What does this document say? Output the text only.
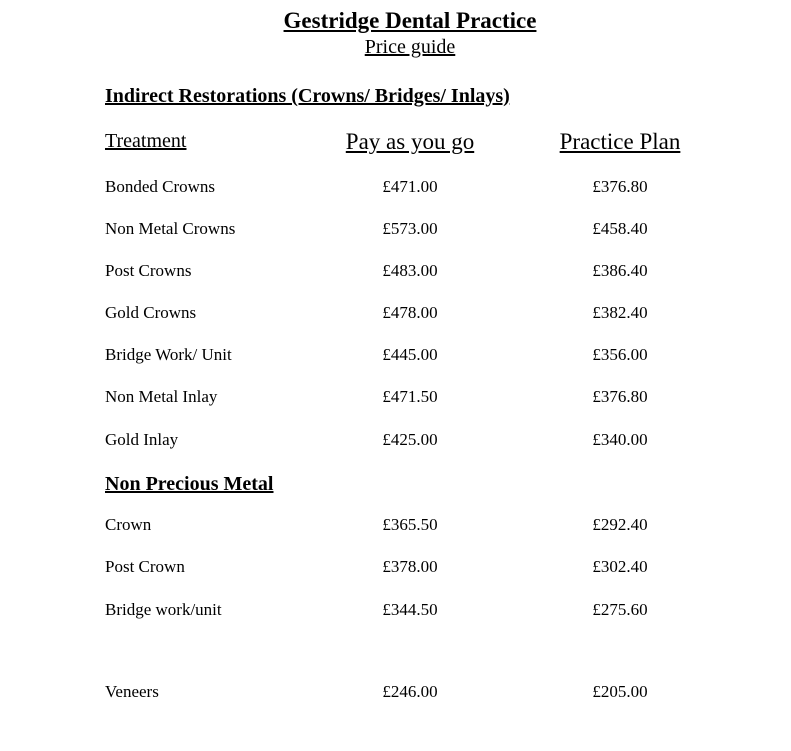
Gestridge Dental Practice
Price guide
Indirect Restorations (Crowns/ Bridges/ Inlays)
Treatment	Pay as you go	Practice Plan
Bonded Crowns	£471.00	£376.80
Non Metal Crowns	£573.00	£458.40
Post Crowns	£483.00	£386.40
Gold Crowns	£478.00	£382.40
Bridge Work/ Unit	£445.00	£356.00
Non Metal Inlay	£471.50	£376.80
Gold Inlay	£425.00	£340.00
Non Precious Metal
Crown	£365.50	£292.40
Post Crown	£378.00	£302.40
Bridge work/unit	£344.50	£275.60
Veneers	£246.00	£205.00
